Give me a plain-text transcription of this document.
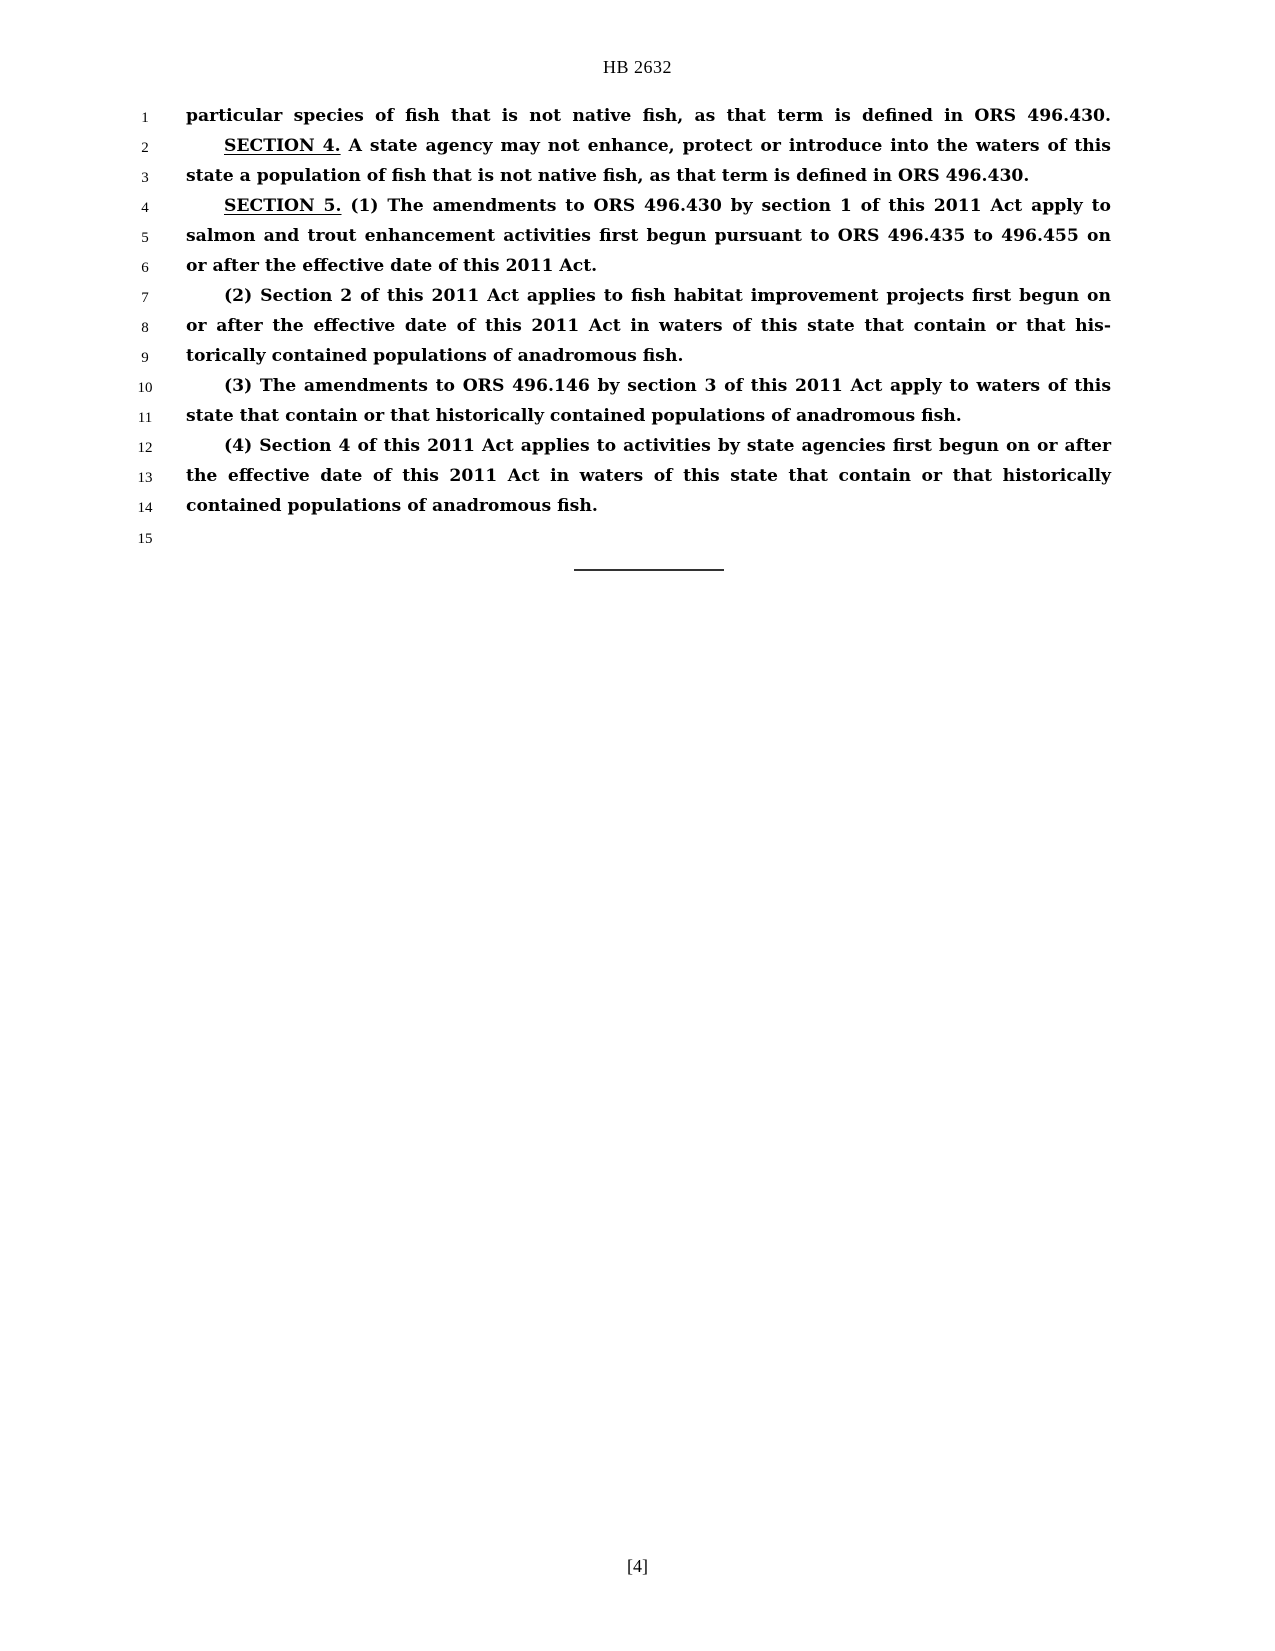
HB 2632
1	particular species of fish that is not native fish, as that term is defined in ORS 496.430.
2	SECTION 4. A state agency may not enhance, protect or introduce into the waters of this
3	state a population of fish that is not native fish, as that term is defined in ORS 496.430.
4	SECTION 5. (1) The amendments to ORS 496.430 by section 1 of this 2011 Act apply to
5	salmon and trout enhancement activities first begun pursuant to ORS 496.435 to 496.455 on
6	or after the effective date of this 2011 Act.
7	(2) Section 2 of this 2011 Act applies to fish habitat improvement projects first begun on
8	or after the effective date of this 2011 Act in waters of this state that contain or that his-
9	torically contained populations of anadromous fish.
10	(3) The amendments to ORS 496.146 by section 3 of this 2011 Act apply to waters of this
11	state that contain or that historically contained populations of anadromous fish.
12	(4) Section 4 of this 2011 Act applies to activities by state agencies first begun on or after
13	the effective date of this 2011 Act in waters of this state that contain or that historically
14	contained populations of anadromous fish.
15
[4]
